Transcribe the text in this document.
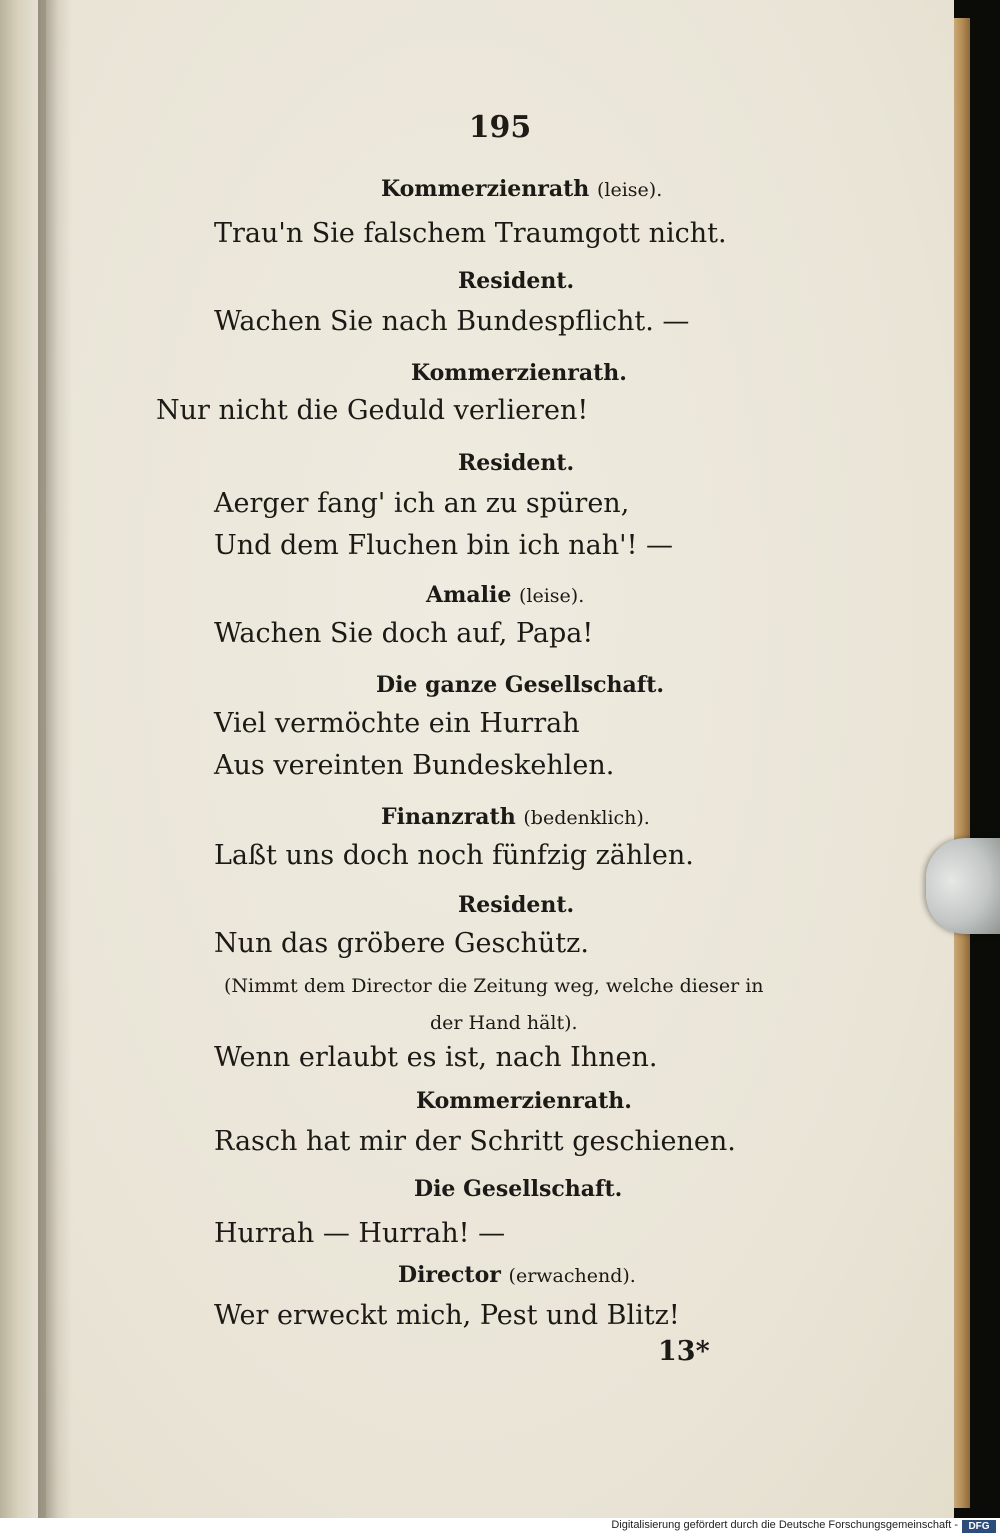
195
Kommerzienrath (leise).
Trau'n Sie falschem Traumgott nicht.
Resident.
Wachen Sie nach Bundespflicht. —
Kommerzienrath.
Nur nicht die Geduld verlieren!
Resident.
Aerger fang' ich an zu spüren,
Und dem Fluchen bin ich nah'! —
Amalie (leise).
Wachen Sie doch auf, Papa!
Die ganze Gesellschaft.
Viel vermöchte ein Hurrah
Aus vereinten Bundeskehlen.
Finanzrath (bedenklich).
Laßt uns doch noch fünfzig zählen.
Resident.
Nun das gröbere Geschütz.
(Nimmt dem Director die Zeitung weg, welche dieser in
der Hand hält).
Wenn erlaubt es ist, nach Ihnen.
Kommerzienrath.
Rasch hat mir der Schritt geschienen.
Die Gesellschaft.
Hurrah — Hurrah! —
Director (erwachend).
Wer erweckt mich, Pest und Blitz!
13*
Digitalisierung gefördert durch die Deutsche Forschungsgemeinschaft -	DFG
